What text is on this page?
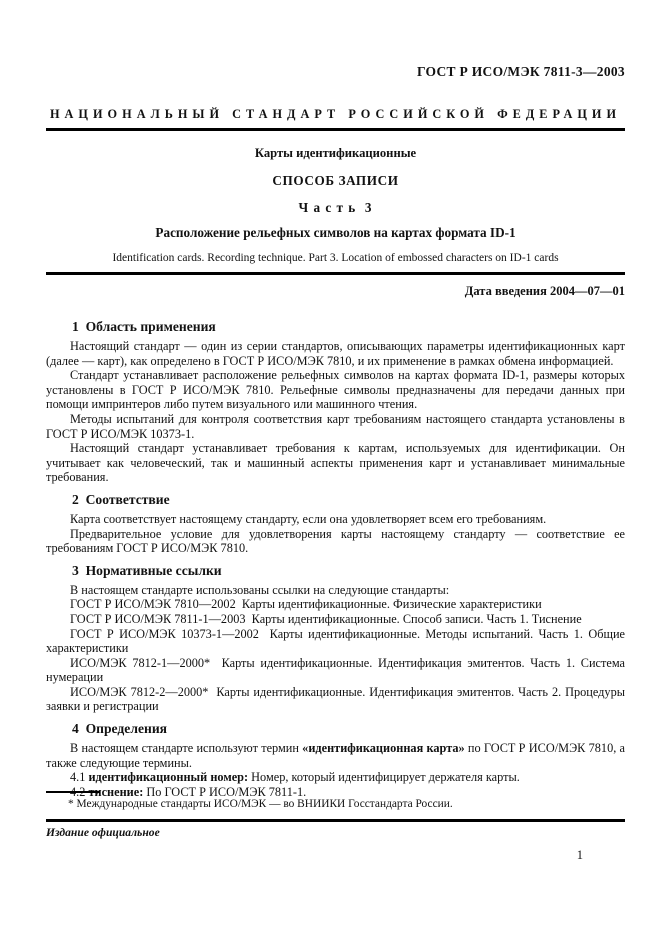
ГОСТ Р ИСО/МЭК 7811-3—2003
НАЦИОНАЛЬНЫЙ СТАНДАРТ РОССИЙСКОЙ ФЕДЕРАЦИИ
Карты идентификационные
СПОСОБ ЗАПИСИ
Ч а с т ь  3
Расположение рельефных символов на картах формата ID-1
Identification cards. Recording technique. Part 3. Location of embossed characters on ID-1 cards
Дата введения 2004—07—01
1  Область применения

Настоящий стандарт — один из серии стандартов, описывающих параметры идентификационных карт (далее — карт), как определено в ГОСТ Р ИСО/МЭК 7810, и их применение в рамках обмена информацией.

Стандарт устанавливает расположение рельефных символов на картах формата ID-1, размеры которых установлены в ГОСТ Р ИСО/МЭК 7810. Рельефные символы предназначены для передачи данных при помощи импринтеров либо путем визуального или машинного чтения.

Методы испытаний для контроля соответствия карт требованиям настоящего стандарта установлены в ГОСТ Р ИСО/МЭК 10373-1.

Настоящий стандарт устанавливает требования к картам, используемых для идентификации. Он учитывает как человеческий, так и машинный аспекты применения карт и устанавливает минимальные требования.

2  Соответствие

Карта соответствует настоящему стандарту, если она удовлетворяет всем его требованиям.

Предварительное условие для удовлетворения карты настоящему стандарту — соответствие ее требованиям ГОСТ Р ИСО/МЭК 7810.

3  Нормативные ссылки

В настоящем стандарте использованы ссылки на следующие стандарты:

ГОСТ Р ИСО/МЭК 7810—2002  Карты идентификационные. Физические характеристики

ГОСТ Р ИСО/МЭК 7811-1—2003  Карты идентификационные. Способ записи. Часть 1. Тиснение

ГОСТ Р ИСО/МЭК 10373-1—2002  Карты идентификационные. Методы испытаний. Часть 1. Общие характеристики

ИСО/МЭК 7812-1—2000*  Карты идентификационные. Идентификация эмитентов. Часть 1. Система нумерации

ИСО/МЭК 7812-2—2000*  Карты идентификационные. Идентификация эмитентов. Часть 2. Процедуры заявки и регистрации

4  Определения

В настоящем стандарте используют термин «идентификационная карта» по ГОСТ Р ИСО/МЭК 7810, а также следующие термины.

4.1 идентификационный номер: Номер, который идентифицирует держателя карты.

4.2 тиснение: По ГОСТ Р ИСО/МЭК 7811-1.

* Международные стандарты ИСО/МЭК — во ВНИИКИ Госстандарта России.

Издание официальное
1
